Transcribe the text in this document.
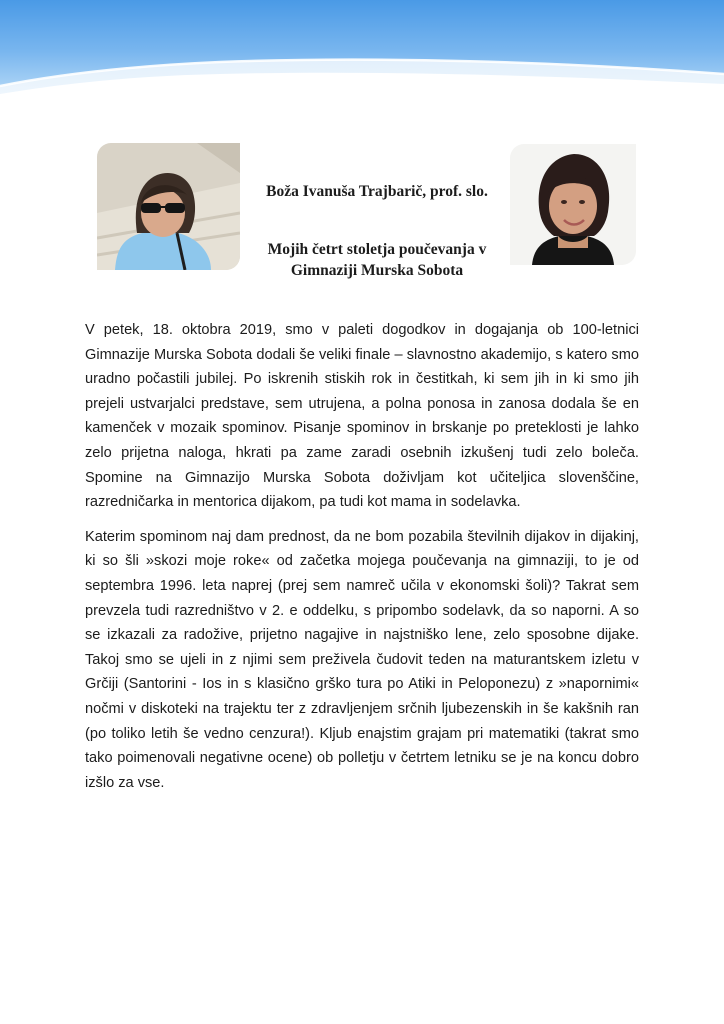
Boža Ivanuša Trajbarič, prof. slo.

Mojih četrt stoletja poučevanja v

Gimnaziji Murska Sobota

V petek, 18. oktobra 2019, smo v paleti dogodkov in dogajanja ob 100-letnici Gimnazije Murska Sobota dodali še veliki finale – slavnostno akademijo, s katero smo uradno počastili jubilej. Po iskrenih stiskih rok in čestitkah, ki sem jih in ki smo jih prejeli ustvarjalci predstave, sem utrujena, a polna ponosa in zanosa dodala še en kamenček v mozaik spominov. Pisanje spominov in brskanje po preteklosti je lahko zelo prijetna naloga, hkrati pa zame zaradi osebnih izkušenj tudi zelo boleča. Spomine na Gimnazijo Murska Sobota doživljam kot učiteljica slovenščine, razredničarka in mentorica dijakom, pa tudi kot mama in sodelavka.

Katerim spominom naj dam prednost, da ne bom pozabila številnih dijakov in dijakinj, ki so šli »skozi moje roke« od začetka mojega poučevanja na gimnaziji, to je od septembra 1996. leta naprej (prej sem namreč učila v ekonomski šoli)? Takrat sem prevzela tudi razredništvo v 2. e oddelku, s pripombo sodelavk, da so naporni. A so se izkazali za radožive, prijetno nagajive in najstniško lene, zelo sposobne dijake. Takoj smo se ujeli in z njimi sem preživela čudovit teden na maturantskem izletu v Grčiji (Santorini - Ios in s klasično grško tura po Atiki in Peloponezu) z »napornimi« nočmi v diskoteki na trajektu ter z zdravljenjem srčnih ljubezenskih in še kakšnih ran (po toliko letih še vedno cenzura!). Kljub enajstim grajam pri matematiki (takrat smo tako poimenovali negativne ocene) ob polletju v četrtem letniku se je na koncu dobro izšlo za vse.
